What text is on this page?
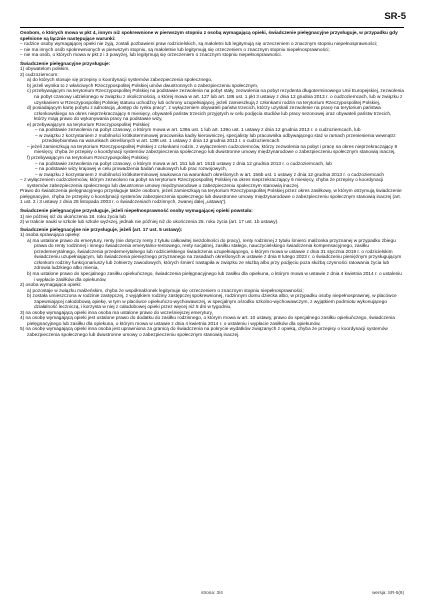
SR-5

Osobom, o których mowa w pkt 4, innym niż spokrewnione w pierwszym stopniu z osobą wymagającą opieki, świadczenie pielęgnacyjne przysługuje, w przypadku gdy spełnione są łącznie następujące warunki:

– rodzice osoby wymagającej opieki nie żyją, zostali pozbawieni praw rodzicielskich, są małoletni lub legitymują się orzeczeniem o znacznym stopniu niepełnosprawności;

– nie ma innych osób spokrewnionych w pierwszym stopniu, są małoletnie lub legitymują się orzeczeniem o znacznym stopniu niepełnosprawności;

– nie ma osób, o których mowa w pkt 2 i 3 powyżej, lub legitymują się orzeczeniem o znacznym stopniu niepełnosprawności.

Świadczenie pielęgnacyjne przysługuje:

1) obywatelom polskim,

2) cudzoziemcom:

a) do których stosuje się przepisy o koordynacji systemów zabezpieczenia społecznego,

b) jeżeli wynika to z właściwych Rzeczypospolitej Polskiej umów dwustronnych o zabezpieczeniu społecznym,

c) przebywającym na terytorium Rzeczypospolitej Polskiej na podstawie zezwolenia na pobyt stały, zezwolenia na pobyt rezydenta długoterminowego Unii Europejskiej, zezwolenia na pobyt czasowy udzielonego w związku z okolicznością, o której mowa w art. 127 lub art. 186 ust. 1 pkt 3 ustawy z dnia 12 grudnia 2013 r. o cudzoziemcach, lub w związku z uzyskaniem w Rzeczypospolitej Polskiej statusu uchodźcy lub ochrony uzupełniającej, jeżeli zamieszkują z członkami rodzin na terytorium Rzeczypospolitej Polskiej,

d) posiadającym kartę pobytu z adnotacją „dostęp do rynku pracy”, z wyłączeniem obywateli państw trzecich, którzy uzyskali zezwolenie na pracę na terytorium państwa członkowskiego na okres nieprzekraczający 6 miesięcy, obywateli państw trzecich przyjętych w celu podjęcia studiów lub pracy sezonowej oraz obywateli państw trzecich, którzy mają prawo do wykonywania pracy na podstawie wizy,

e) przebywającym na terytorium Rzeczypospolitej Polskiej:

– na podstawie zezwolenia na pobyt czasowy, o którym mowa w art. 139a ust. 1 lub art. 139o ust. 1 ustawy z dnia 12 grudnia 2013 r. o cudzoziemcach, lub

– w związku z korzystaniem z mobilności krótkoterminowej pracownika kadry kierowniczej, specjalisty lub pracownika odbywającego staż w ramach przeniesienia wewnątrz przedsiębiorstwa na warunkach określonych w art. 139t ust. 1 ustawy z dnia 12 grudnia 2013 r. o cudzoziemcach

– jeżeli zamieszkują na terytorium Rzeczypospolitej Polskiej z członkami rodzin, z wyłączeniem cudzoziemców, którzy zezwolenia na pobyt i pracę na okres nieprzekraczający 9 miesięcy, chyba że przepisy o koordynacji systemów zabezpieczenia społecznego lub dwustronne umowy międzynarodowe o zabezpieczeniu społecznym stanowią inaczej,

f) przebywającym na terytorium Rzeczypospolitej Polskiej:

– na podstawie zezwolenia na pobyt czasowy, o którym mowa w art. 151 lub art. 151b ustawy z dnia 12 grudnia 2013 r. o cudzoziemcach, lub

– na podstawie wizy krajowej w celu prowadzenia badań naukowych lub prac rozwojowych,

– w związku z korzystaniem z mobilności krótkoterminowej naukowca na warunkach określonych w art. 156b ust. 1 ustawy z dnia 12 grudnia 2013 r. o cudzoziemcach

– z wyłączeniem cudzoziemców, którym zezwolono na pobyt na terytorium Rzeczypospolitej Polskiej na okres nieprzekraczający 6 miesięcy, chyba że przepisy o koordynacji systemów zabezpieczenia społecznego lub dwustronne umowy międzynarodowe o zabezpieczeniu społecznym stanowią inaczej.

Prawo do świadczenia pielęgnacyjnego przysługuje także osobom, jeżeli zamieszkują na terytorium Rzeczypospolitej Polskiej przez okres zasiłkowy, w którym otrzymują świadczenie pielęgnacyjne, chyba że przepisy o koordynacji systemów zabezpieczenia społecznego lub dwustronne umowy międzynarodowe o zabezpieczeniu społecznym stanowią inaczej (art. 1 ust. 2 i 3 ustawy z dnia 28 listopada 2003 r. o świadczeniach rodzinnych, zwanej dalej „ustawą”).

Świadczenie pielęgnacyjne przysługuje, jeżeli niepełnosprawność osoby wymagającej opieki powstała:

1) nie później niż do ukończenia 18. roku życia lub

2) w trakcie nauki w szkole lub szkole wyższej, jednak nie później niż do ukończenia 25. roku życia (art. 17 ust. 1b ustawy).

Świadczenie pielęgnacyjne nie przysługuje, jeżeli (art. 17 ust. 5 ustawy):

1) osoba sprawująca opiekę:

a) ma ustalone prawo do emerytury, renty (nie dotyczy renty z tytułu całkowitej niezdolności do pracy), renty rodzinnej z tytułu śmierci małżonka przyznanej w przypadku zbiegu prawa do renty rodzinnej i innego świadczenia emerytalno-rentowego, renty socjalnej, zasiłku stałego, nauczycielskiego świadczenia kompensacyjnego, zasiłku przedemerytalnego, świadczenia przedemerytalnego lub rodzicielskiego świadczenia uzupełniającego, o którym mowa w ustawie z dnia 31 stycznia 2019 r. o rodzicielskim świadczeniu uzupełniającym, lub świadczenia pieniężnego przyznanego na zasadach określonych w ustawie z dnia 8 lutego 2023 r. o świadczeniu pieniężnym przysługującym członkom rodziny funkcjonariuszy lub żołnierzy zawodowych, których śmierć nastąpiła w związku ze służbą albo przy podjęciu poza służbą czynności ratowania życia lub zdrowia ludzkiego albo mienia,

b) ma ustalone prawo do specjalnego zasiłku opiekuńczego, świadczenia pielęgnacyjnego lub zasiłku dla opiekuna, o którym mowa w ustawie z dnia 4 kwietnia 2014 r. o ustaleniu i wypłacie zasiłków dla opiekunów,

2) osoba wymagająca opieki:

a) pozostaje w związku małżeńskim, chyba że współmałżonek legitymuje się orzeczeniem o znacznym stopniu niepełnosprawności;

b) została umieszczona w rodzinie zastępczej, z wyjątkiem rodziny zastępczej spokrewnionej, rodzinnym domu dziecka albo, w przypadku osoby niepełnosprawnej, w placówce zapewniającej całodobową opiekę, w tym w placówce opiekuńczo-wychowawczej, w specjalnym ośrodku szkolno-wychowawczym, z wyjątkiem podmiotu wykonującego działalność leczniczą, i korzysta w niej z całodobowej opieki przez więcej niż 5 dni w tygodniu,

3) na osobę wymagającą opieki inna osoba ma ustalone prawo do wcześniejszej emerytury,

4) na osobę wymagającą opieki jest ustalone prawo do dodatku do zasiłku rodzinnego, o którym mowa w art. 10 ustawy, prawo do specjalnego zasiłku opiekuńczego, świadczenia pielęgnacyjnego lub zasiłku dla opiekuna, o którym mowa w ustawie z dnia 4 kwietnia 2014 r. o ustaleniu i wypłacie zasiłków dla opiekunów,

5) na osobę wymagającą opieki inna osoba jest uprawniona za granicą do świadczenia na pokrycie wydatków związanych z opieką, chyba że przepisy o koordynacji systemów zabezpieczenia społecznego lub dwustronne umowy o zabezpieczeniu społecznym stanowią inaczej.

strona: 3/4	wersja: SR-5(9)
